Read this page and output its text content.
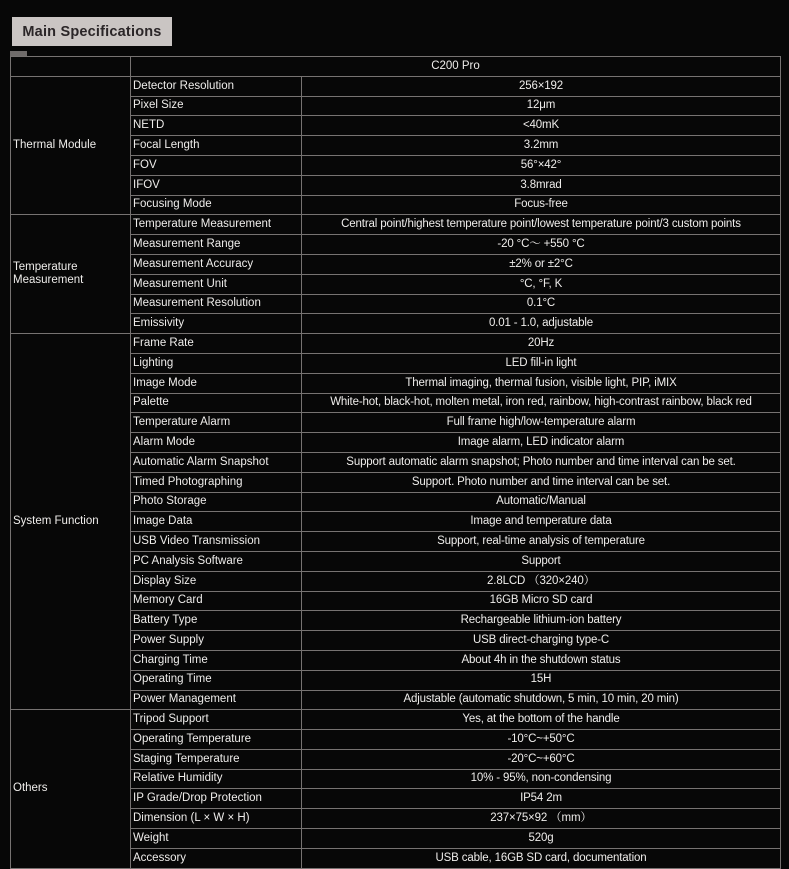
Main Specifications
	C200 Pro	
Thermal Module	Detector Resolution	256×192
	Pixel Size	12μm
	NETD	<40mK
	Focal Length	3.2mm
	FOV	56°×42°
	IFOV	3.8mrad
	Focusing Mode	Focus-free
Temperature Measurement	Temperature Measurement	Central point/highest temperature point/lowest temperature point/3 custom points
	Measurement Range	-20 °C～ +550 °C
	Measurement Accuracy	±2% or ±2°C
	Measurement Unit	°C, °F, K
	Measurement Resolution	0.1°C
	Emissivity	0.01 - 1.0, adjustable
System Function	Frame Rate	20Hz
	Lighting	LED fill-in light
	Image Mode	Thermal imaging, thermal fusion, visible light, PIP, iMIX
	Palette	White-hot, black-hot, molten metal, iron red, rainbow, high-contrast rainbow, black red
	Temperature Alarm	Full frame high/low-temperature alarm
	Alarm Mode	Image alarm, LED indicator alarm
	Automatic Alarm Snapshot	Support automatic alarm snapshot; Photo number and time interval can be set.
	Timed Photographing	Support. Photo number and time interval can be set.
	Photo Storage	Automatic/Manual
	Image Data	Image and temperature data
	USB Video Transmission	Support, real-time analysis of temperature
	PC Analysis Software	Support
	Display Size	2.8LCD （320×240）
	Memory Card	16GB Micro SD card
	Battery Type	Rechargeable lithium-ion battery
	Power Supply	USB direct-charging type-C
	Charging Time	About 4h in the shutdown status
	Operating Time	15H
	Power Management	Adjustable (automatic shutdown, 5 min, 10 min, 20 min)
Others	Tripod Support	Yes, at the bottom of the handle
	Operating Temperature	-10°C~+50°C
	Staging Temperature	-20°C~+60°C
	Relative Humidity	10% - 95%, non-condensing
	IP Grade/Drop Protection	IP54 2m
	Dimension (L × W × H)	237×75×92 （mm）
	Weight	520g
	Accessory	USB cable, 16GB SD card, documentation
